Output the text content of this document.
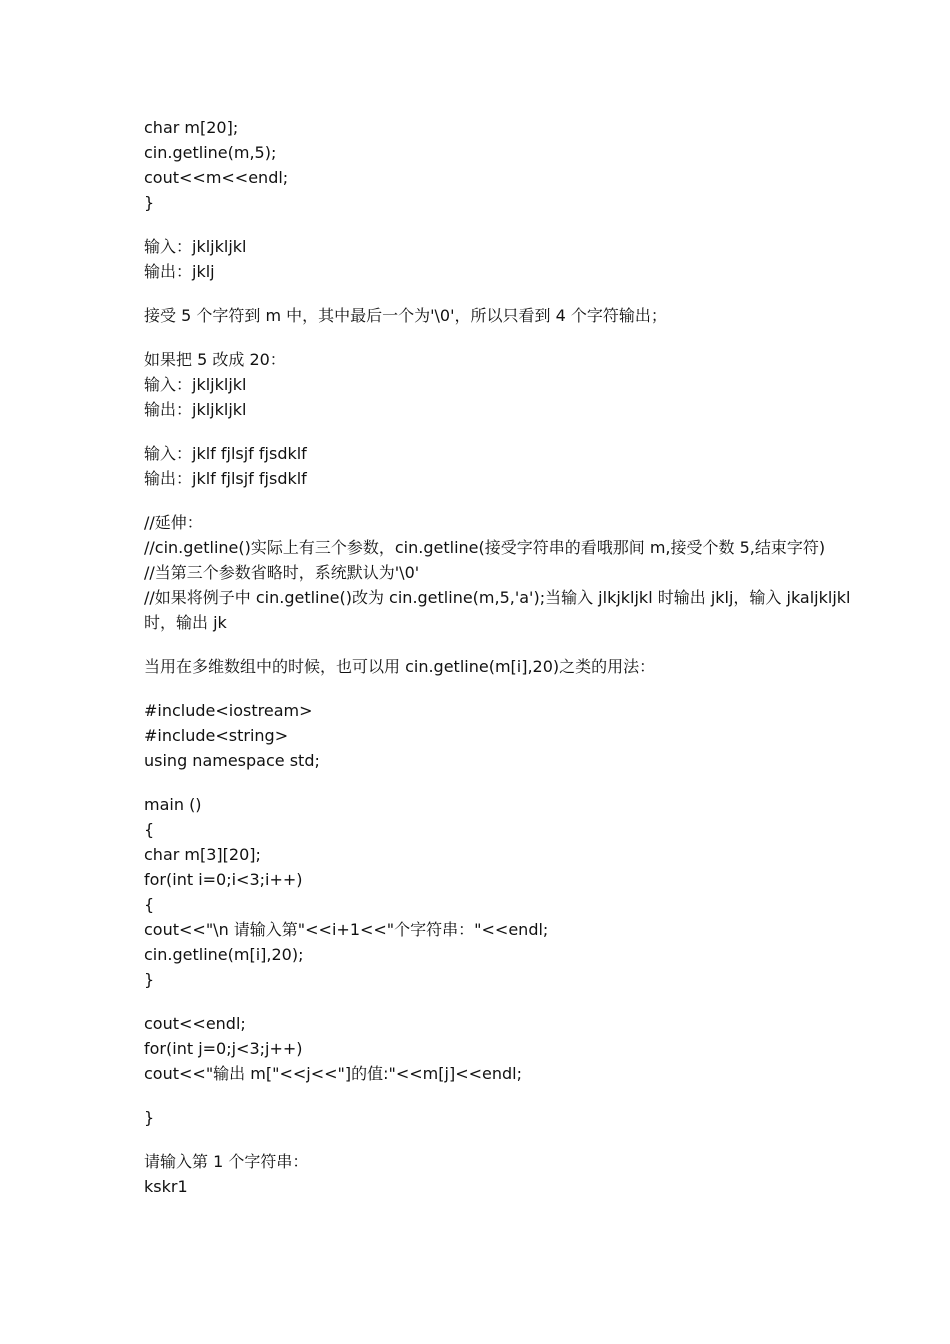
char m[20];
cin.getline(m,5);
cout<<m<<endl;
}
输入：jkljkljkl
输出：jklj
接受 5 个字符到 m 中，其中最后一个为'\0'，所以只看到 4 个字符输出；
如果把 5 改成 20：
输入：jkljkljkl
输出：jkljkljkl
输入：jklf fjlsjf fjsdklf
输出：jklf fjlsjf fjsdklf
//延伸：
//cin.getline()实际上有三个参数，cin.getline(接受字符串的看哦那间 m,接受个数 5,结束字符)
//当第三个参数省略时，系统默认为'\0'
//如果将例子中 cin.getline()改为 cin.getline(m,5,'a');当输入 jlkjkljkl 时输出 jklj，输入 jkaljkljkl
时，输出 jk
当用在多维数组中的时候，也可以用 cin.getline(m[i],20)之类的用法：
#include<iostream>
#include<string>
using namespace std;
main ()
{
char m[3][20];
for(int i=0;i<3;i++)
{
cout<<"\n 请输入第"<<i+1<<"个字符串："<<endl;
cin.getline(m[i],20);
}
cout<<endl;
for(int j=0;j<3;j++)
cout<<"输出 m["<<j<<"]的值:"<<m[j]<<endl;
}
请输入第 1 个字符串：
kskr1
